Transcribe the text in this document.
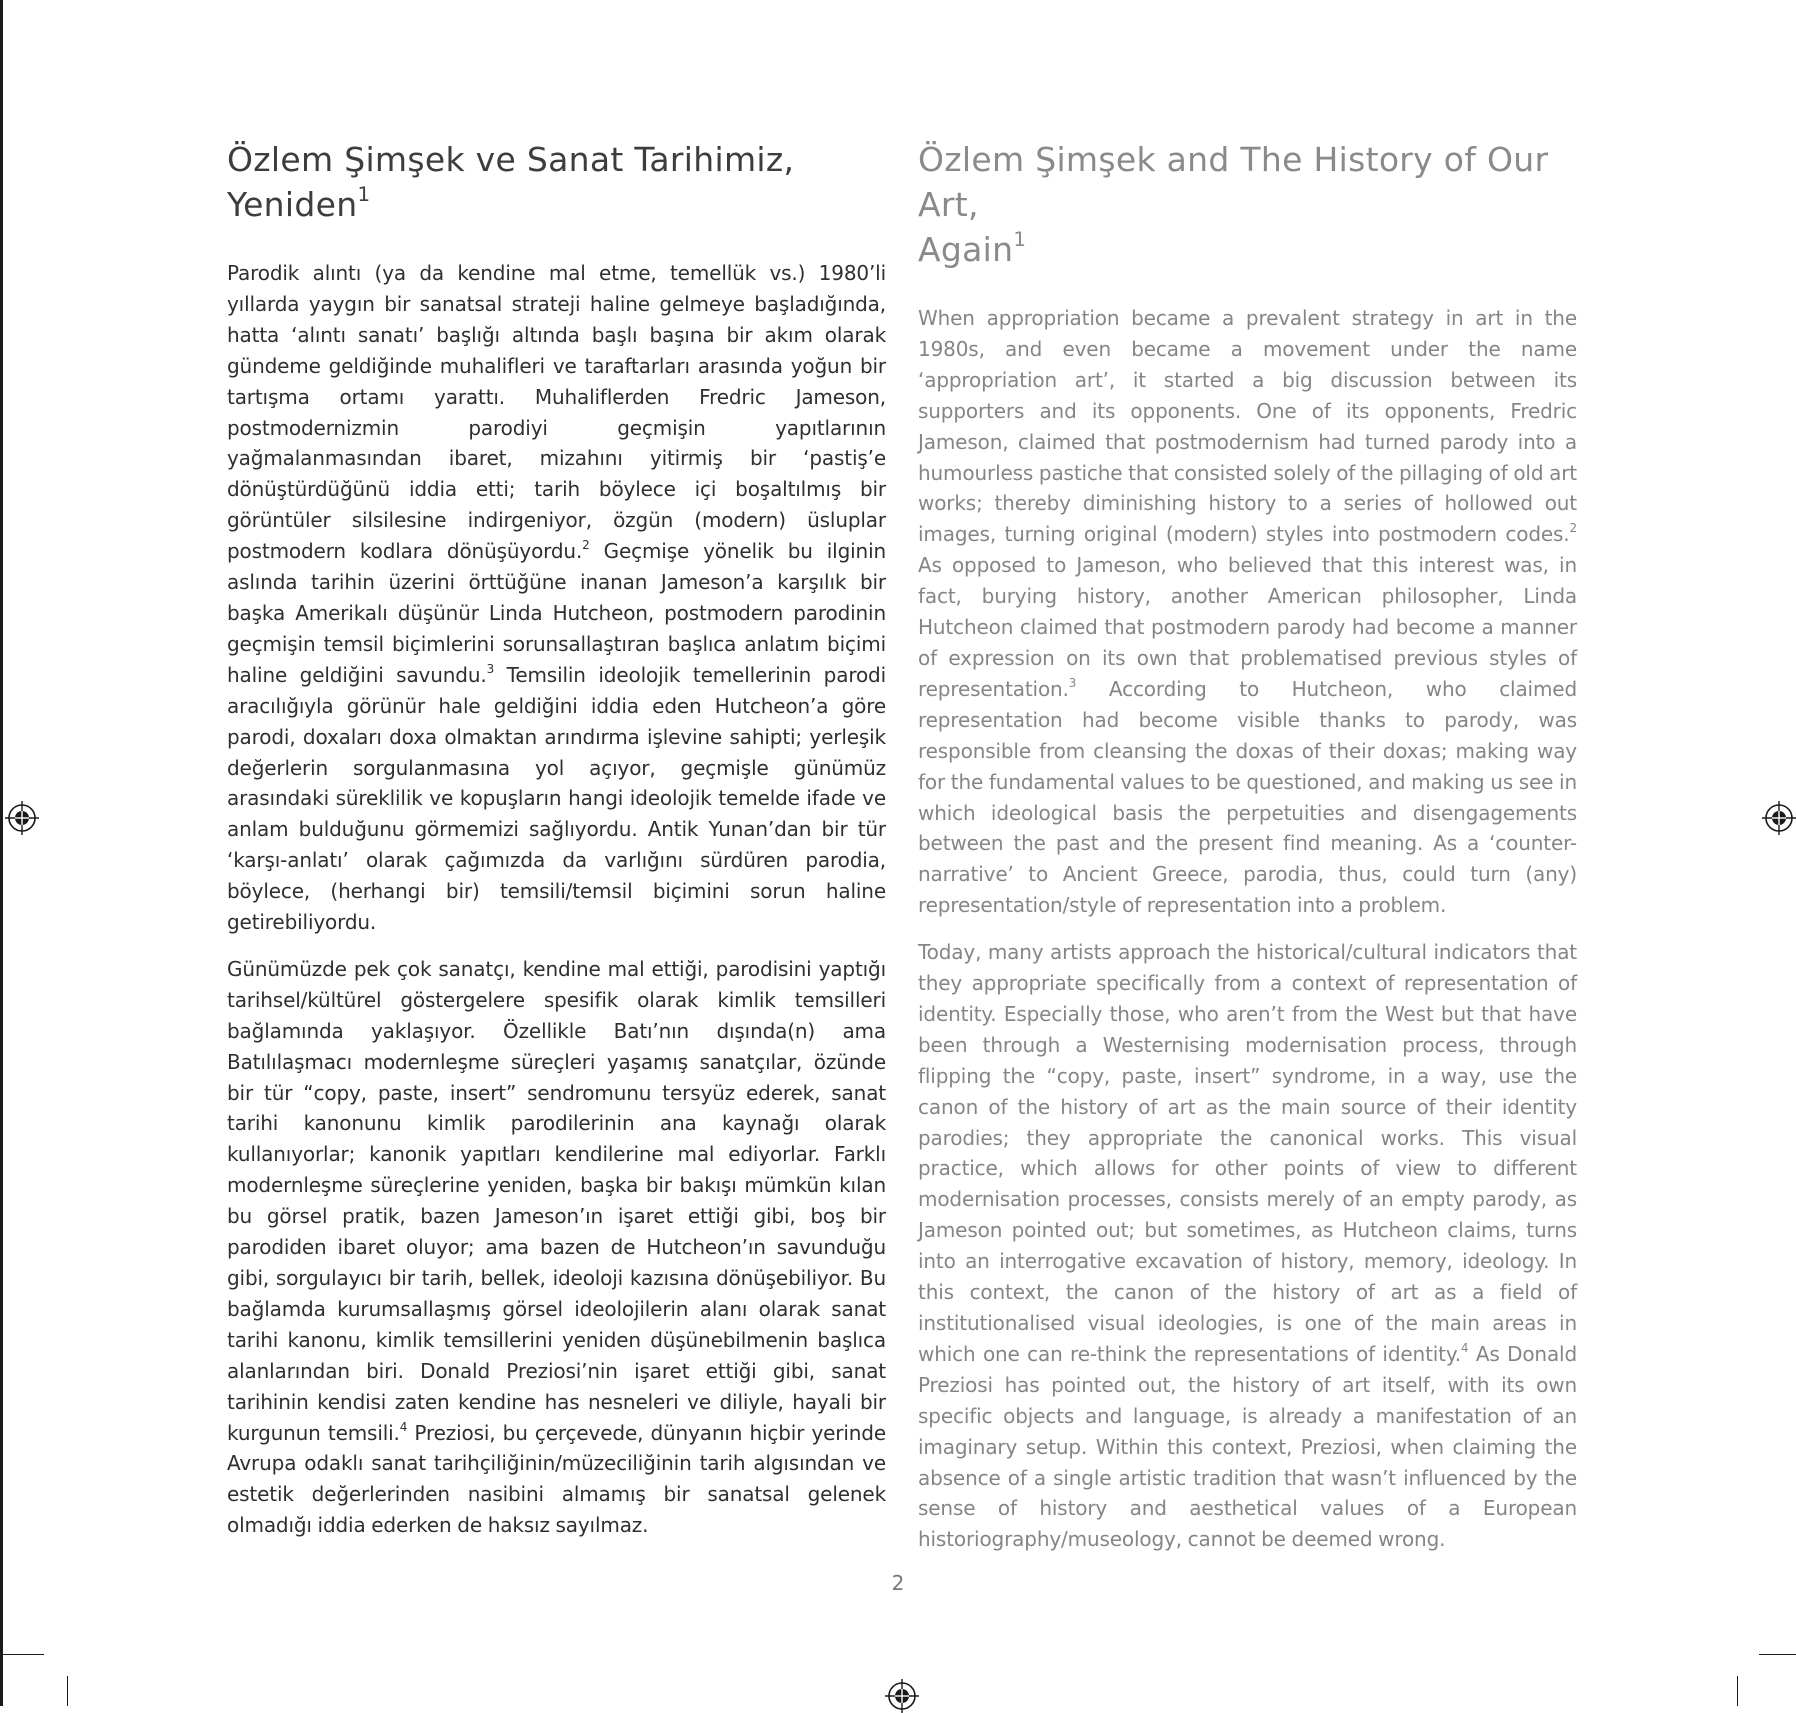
Özlem Şimşek ve Sanat Tarihimiz,
Yeniden$^1$

Parodik alıntı (ya da kendine mal etme, temellük vs.) 1980’li yıllarda yaygın bir sanatsal strateji haline gelmeye başladığında, hatta ‘alıntı sanatı’ başlığı altında başlı başına bir akım olarak gündeme geldiğinde muhalifleri ve taraftarları arasında yoğun bir tartışma ortamı yarattı. Muhaliflerden Fredric Jameson, postmodernizmin parodiyi geçmişin yapıtlarının yağmalanmasından ibaret, mizahını yitirmiş bir ‘pastiş’e dönüştürdüğünü iddia etti; tarih böylece içi boşaltılmış bir görüntüler silsilesine indirgeniyor, özgün (modern) üsluplar postmodern kodlara dönüşüyordu.$^2$ Geçmişe yönelik bu ilginin aslında tarihin üzerini örttüğüne inanan Jameson’a karşılık bir başka Amerikalı düşünür Linda Hutcheon, postmodern parodinin geçmişin temsil biçimlerini sorunsallaştıran başlıca anlatım biçimi haline geldiğini savundu.$^3$ Temsilin ideolojik temellerinin parodi aracılığıyla görünür hale geldiğini iddia eden Hutcheon’a göre parodi, doxaları doxa olmaktan arındırma işlevine sahipti; yerleşik değerlerin sorgulanmasına yol açıyor, geçmişle günümüz arasındaki süreklilik ve kopuşların hangi ideolojik temelde ifade ve anlam bulduğunu görmemizi sağlıyordu. Antik Yunan’dan bir tür ‘karşı-anlatı’ olarak çağımızda da varlığını sürdüren parodia, böylece, (herhangi bir) temsili/temsil biçimini sorun haline getirebiliyordu.

Günümüzde pek çok sanatçı, kendine mal ettiği, parodisini yaptığı tarihsel/kültürel göstergelere spesifik olarak kimlik temsilleri bağlamında yaklaşıyor. Özellikle Batı’nın dışında(n) ama Batılılaşmacı modernleşme süreçleri yaşamış sanatçılar, özünde bir tür “copy, paste, insert” sendromunu tersyüz ederek, sanat tarihi kanonunu kimlik parodilerinin ana kaynağı olarak kullanıyorlar; kanonik yapıtları kendilerine mal ediyorlar. Farklı modernleşme süreçlerine yeniden, başka bir bakışı mümkün kılan bu görsel pratik, bazen Jameson’ın işaret ettiği gibi, boş bir parodiden ibaret oluyor; ama bazen de Hutcheon’ın savunduğu gibi, sorgulayıcı bir tarih, bellek, ideoloji kazısına dönüşebiliyor. Bu bağlamda kurumsallaşmış görsel ideolojilerin alanı olarak sanat tarihi kanonu, kimlik temsillerini yeniden düşünebilmenin başlıca alanlarından biri. Donald Preziosi’nin işaret ettiği gibi, sanat tarihinin kendisi zaten kendine has nesneleri ve diliyle, hayali bir kurgunun temsili.$^4$ Preziosi, bu çerçevede, dünyanın hiçbir yerinde Avrupa odaklı sanat tarihçiliğinin/müzeciliğinin tarih algısından ve estetik değerlerinden nasibini almamış bir sanatsal gelenek olmadığı iddia ederken de haksız sayılmaz.

Özlem Şimşek and The History of Our Art,
Again$^1$

When appropriation became a prevalent strategy in art in the 1980s, and even became a movement under the name ‘appropriation art’, it started a big discussion between its supporters and its opponents. One of its opponents, Fredric Jameson, claimed that postmodernism had turned parody into a humourless pastiche that consisted solely of the pillaging of old art works; thereby diminishing history to a series of hollowed out images, turning original (modern) styles into postmodern codes.$^2$ As opposed to Jameson, who believed that this interest was, in fact, burying history, another American philosopher, Linda Hutcheon claimed that postmodern parody had become a manner of expression on its own that problematised previous styles of representation.$^3$ According to Hutcheon, who claimed representation had become visible thanks to parody, was responsible from cleansing the doxas of their doxas; making way for the fundamental values to be questioned, and making us see in which ideological basis the perpetuities and disengagements between the past and the present find meaning. As a ‘counter-narrative’ to Ancient Greece, parodia, thus, could turn (any) representation/style of representation into a problem.

Today, many artists approach the historical/cultural indicators that they appropriate specifically from a context of representation of identity. Especially those, who aren’t from the West but that have been through a Westernising modernisation process, through flipping the “copy, paste, insert” syndrome, in a way, use the canon of the history of art as the main source of their identity parodies; they appropriate the canonical works. This visual practice, which allows for other points of view to different modernisation processes, consists merely of an empty parody, as Jameson pointed out; but sometimes, as Hutcheon claims, turns into an interrogative excavation of history, memory, ideology. In this context, the canon of the history of art as a field of institutionalised visual ideologies, is one of the main areas in which one can re-think the representations of identity.$^4$ As Donald Preziosi has pointed out, the history of art itself, with its own specific objects and language, is already a manifestation of an imaginary setup. Within this context, Preziosi, when claiming the absence of a single artistic tradition that wasn’t influenced by the sense of history and aesthetical values of a European historiography/museology, cannot be deemed wrong.

2
